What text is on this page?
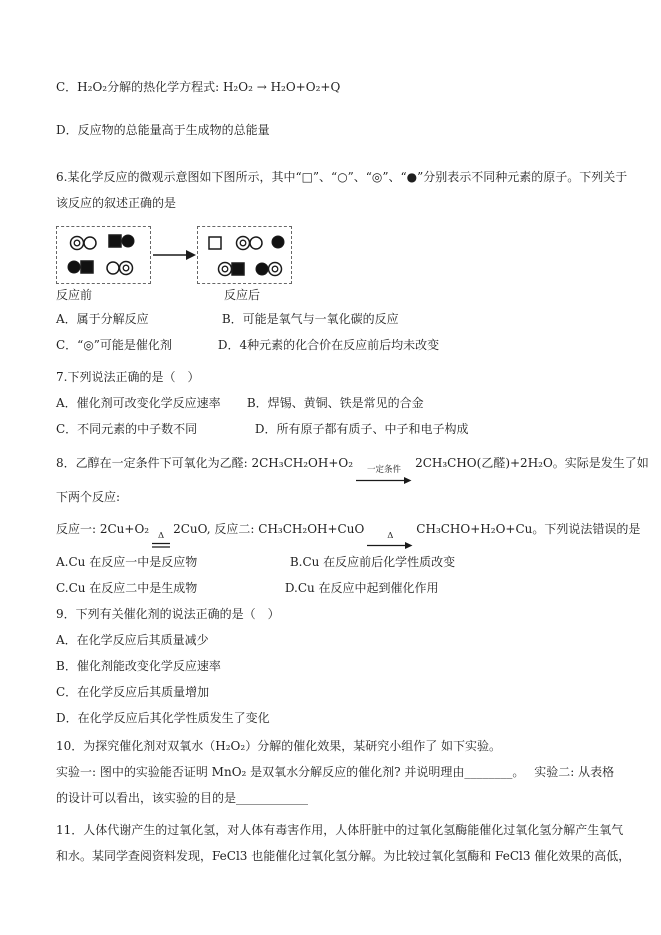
C．H₂O₂分解的热化学方程式: H₂O₂ → H₂O+O₂+Q

D．反应物的总能量高于生成物的总能量

6.某化学反应的微观示意图如下图所示，其中“□”、“○”、“◎”、“●”分别表示不同种元素的原子。下列关于

该反应的叙述正确的是

反应前	反应后

A．属于分解反应	B．可能是氧气与一氧化碳的反应

C．“◎”可能是催化剂	D．4种元素的化合价在反应前后均未改变

7.下列说法正确的是（　）

A．催化剂可改变化学反应速率 B．焊锡、黄铜、铁是常见的合金

C．不同元素的中子数不同	D．所有原子都有质子、中子和电子构成

8．乙醇在一定条件下可氧化为乙醛: 2CH₃CH₂OH+O₂ 一定条件 2CH₃CHO(乙醛)+2H₂O。实际是发生了如

下两个反应:

反应一: 2Cu+O₂ Δ 2CuO, 反应二: CH₃CH₂OH+CuO	Δ CH₃CHO+H₂O+Cu。下列说法错误的是

A.Cu 在反应一中是反应物	B.Cu 在反应前后化学性质改变

C.Cu 在反应二中是生成物	D.Cu 在反应中起到催化作用

9．下列有关催化剂的说法正确的是（　）

A．在化学反应后其质量减少

B．催化剂能改变化学反应速率

C．在化学反应后其质量增加

D．在化学反应后其化学性质发生了变化

10．为探究催化剂对双氧水（H₂O₂）分解的催化效果，某研究小组作了 如下实验。

实验一: 图中的实验能否证明 MnO₂ 是双氧水分解反应的催化剂? 并说明理由________。　 实验二: 从表格

的设计可以看出，该实验的目的是____________

11．人体代谢产生的过氧化氢，对人体有毒害作用，人体肝脏中的过氧化氢酶能催化过氧化氢分解产生氧气

和水。某同学查阅资料发现，FeCl3 也能催化过氧化氢分解。为比较过氧化氢酶和 FeCl3 催化效果的高低，
